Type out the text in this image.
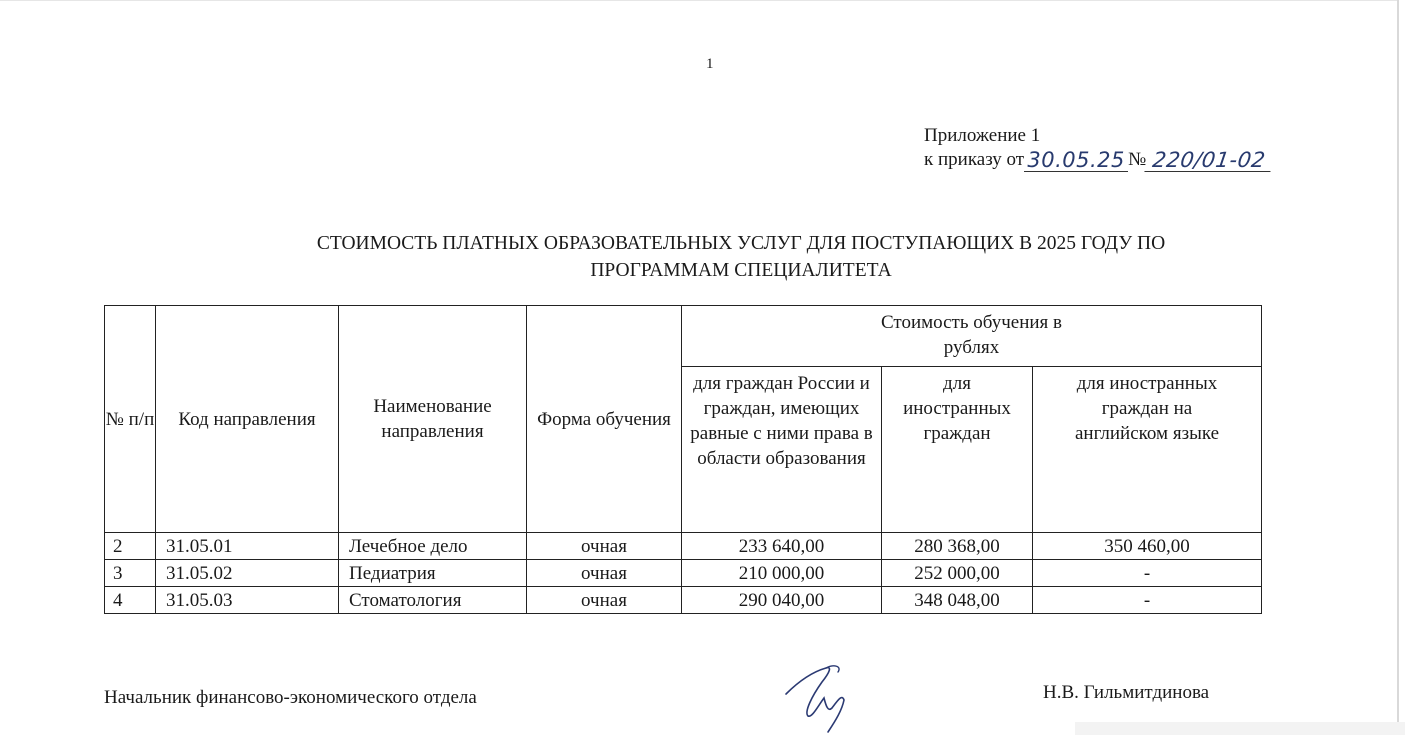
1
Приложение 1
к приказу от 30.05.25 № 220/01-02
СТОИМОСТЬ ПЛАТНЫХ ОБРАЗОВАТЕЛЬНЫХ УСЛУГ ДЛЯ ПОСТУПАЮЩИХ В 2025 ГОДУ ПО
ПРОГРАММАМ СПЕЦИАЛИТЕТА
№ п/п	Код направления	Наименование направления	Форма обучения	Стоимость обучения в рублях		
				для граждан России и граждан, имеющих равные с ними права в области образования	для иностранных граждан	для иностранных граждан на английском языке
2	31.05.01	Лечебное дело	очная	233 640,00	280 368,00	350 460,00
3	31.05.02	Педиатрия	очная	210 000,00	252 000,00	-
4	31.05.03	Стоматология	очная	290 040,00	348 048,00	-
Начальник финансово-экономического отдела	Н.В. Гильмитдинова
